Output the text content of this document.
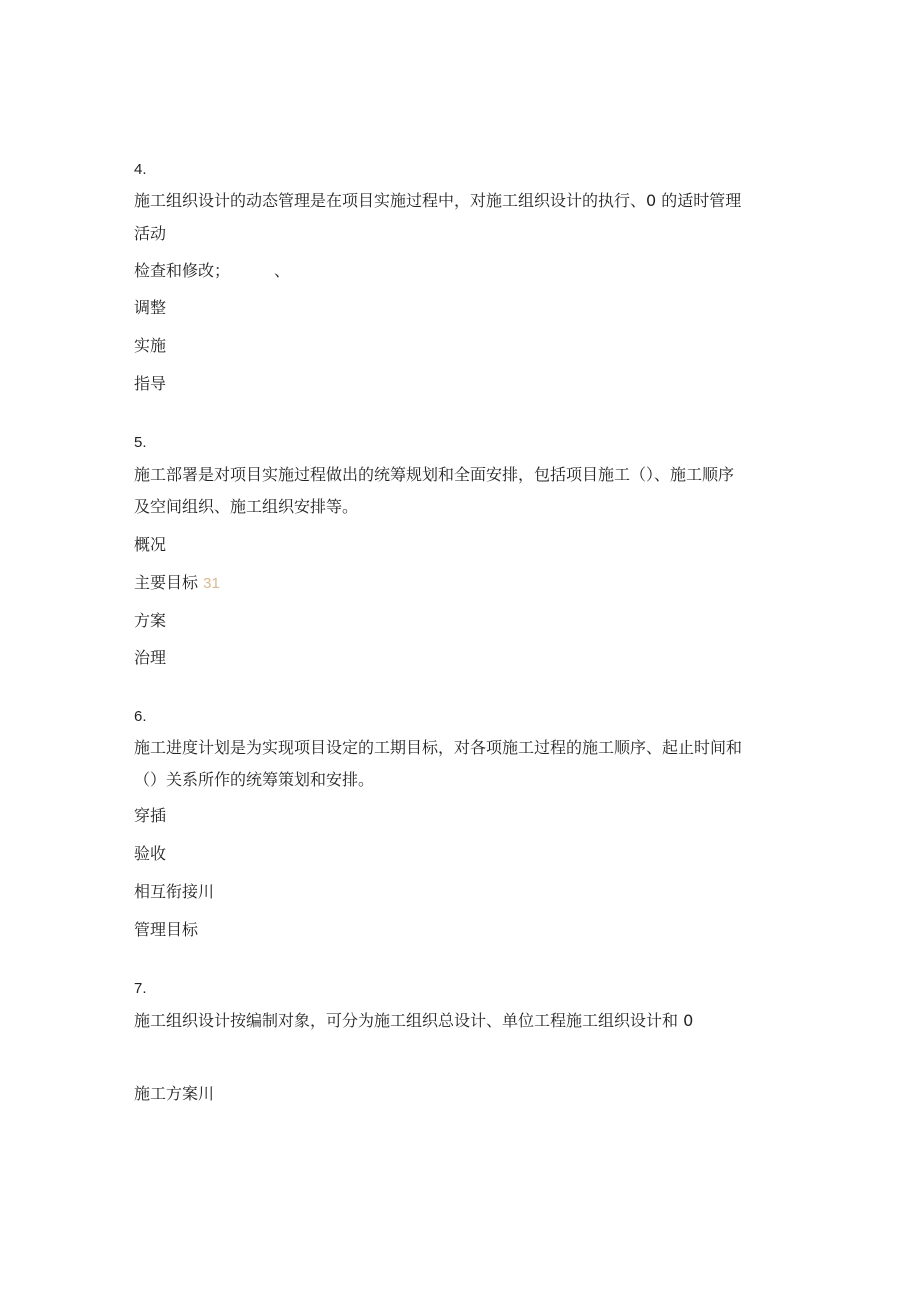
4.
施工组织设计的动态管理是在项目实施过程中，对施工组织设计的执行、0 的适时管理
活动
检查和修改；	、
调整
实施
指导
5.
施工部署是对项目实施过程做出的统筹规划和全面安排，包括项目施工（）、施工顺序
及空间组织、施工组织安排等。
概况
主要目标 31
方案
治理
6.
施工进度计划是为实现项目设定的工期目标，对各项施工过程的施工顺序、起止时间和
（）关系所作的统筹策划和安排。
穿插
验收
相互衔接川
管理目标
7.
施工组织设计按编制对象，可分为施工组织总设计、单位工程施工组织设计和 0
施工方案川
